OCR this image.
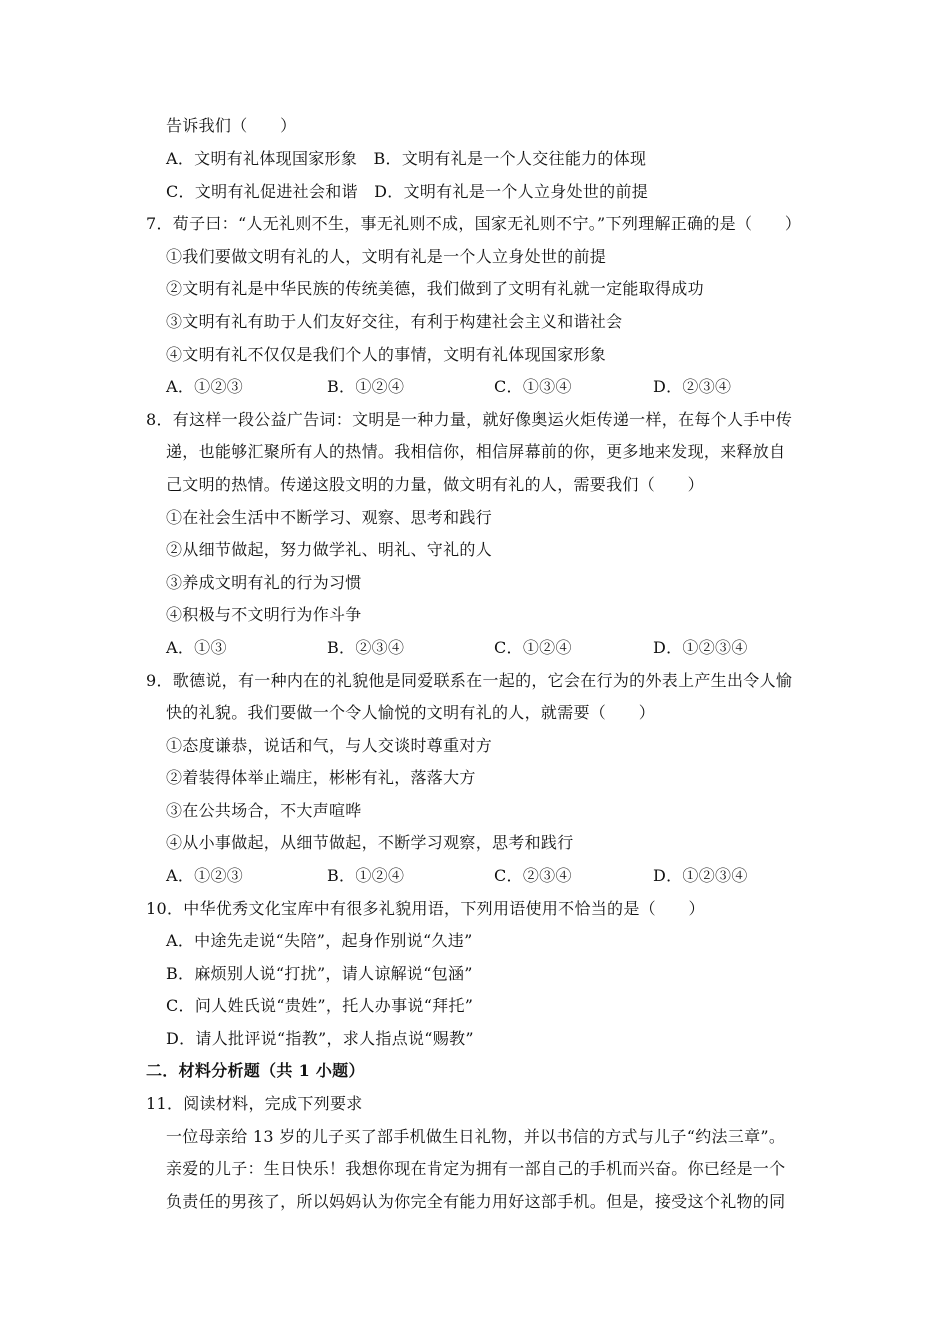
告诉我们（　　）
A．文明有礼体现国家形象　B．文明有礼是一个人交往能力的体现
C．文明有礼促进社会和谐　D．文明有礼是一个人立身处世的前提
7．荀子曰：“人无礼则不生，事无礼则不成，国家无礼则不宁。”下列理解正确的是（　　）
①我们要做文明有礼的人，文明有礼是一个人立身处世的前提
②文明有礼是中华民族的传统美德，我们做到了文明有礼就一定能取得成功
③文明有礼有助于人们友好交往，有利于构建社会主义和谐社会
④文明有礼不仅仅是我们个人的事情，文明有礼体现国家形象
A．①②③	B．①②④	C．①③④	D．②③④
8．有这样一段公益广告词：文明是一种力量，就好像奥运火炬传递一样，在每个人手中传
递，也能够汇聚所有人的热情。我相信你，相信屏幕前的你，更多地来发现，来释放自
己文明的热情。传递这股文明的力量，做文明有礼的人，需要我们（　　）
①在社会生活中不断学习、观察、思考和践行
②从细节做起，努力做学礼、明礼、守礼的人
③养成文明有礼的行为习惯
④积极与不文明行为作斗争
A．①③	B．②③④	C．①②④	D．①②③④
9．歌德说，有一种内在的礼貌他是同爱联系在一起的，它会在行为的外表上产生出令人愉
快的礼貌。我们要做一个令人愉悦的文明有礼的人，就需要（　　）
①态度谦恭，说话和气，与人交谈时尊重对方
②着装得体举止端庄，彬彬有礼，落落大方
③在公共场合，不大声喧哗
④从小事做起，从细节做起，不断学习观察，思考和践行
A．①②③	B．①②④	C．②③④	D．①②③④
10．中华优秀文化宝库中有很多礼貌用语，下列用语使用不恰当的是（　　）
A．中途先走说“失陪”，起身作别说“久违”
B．麻烦别人说“打扰”，请人谅解说“包涵”
C．问人姓氏说“贵姓”，托人办事说“拜托”
D．请人批评说“指教”，求人指点说“赐教”
二．材料分析题（共 1 小题）
11．阅读材料，完成下列要求
一位母亲给 13 岁的儿子买了部手机做生日礼物，并以书信的方式与儿子“约法三章”。
亲爱的儿子：生日快乐！我想你现在肯定为拥有一部自己的手机而兴奋。你已经是一个
负责任的男孩了，所以妈妈认为你完全有能力用好这部手机。但是，接受这个礼物的同
